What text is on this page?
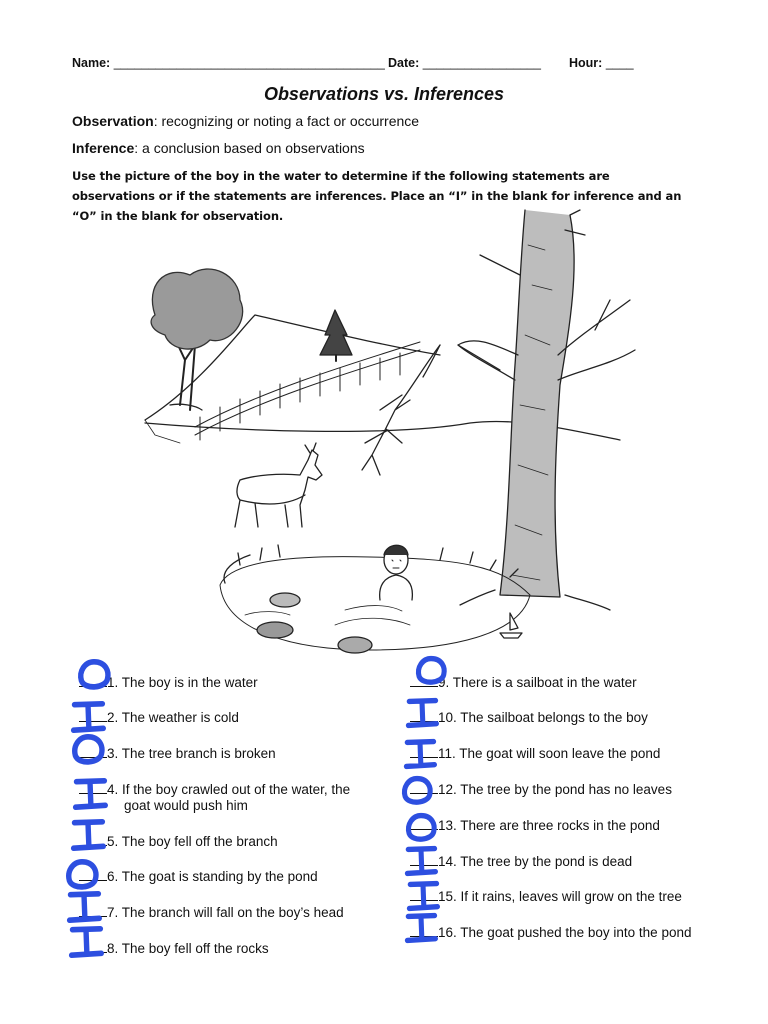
Name: _______________________________________ Date: _________________ Hour: ____
Observations vs. Inferences
Observation: recognizing or noting a fact or occurrence
Inference: a conclusion based on observations
Use the picture of the boy in the water to determine if the following statements are observations or if the statements are inferences. Place an “I” in the blank for inference and an “O” in the blank for observation.
1. The boy is in the water
2. The weather is cold
3. The tree branch is broken
4. If the boy crawled out of the water, the
goat would push him
5. The boy fell off the branch
6. The goat is standing by the pond
7. The branch will fall on the boy’s head
8. The boy fell off the rocks
9. There is a sailboat in the water
10. The sailboat belongs to the boy
11. The goat will soon leave the pond
12. The tree by the pond has no leaves
13. There are three rocks in the pond
14. The tree by the pond is dead
15. If it rains, leaves will grow on the tree
16. The goat pushed the boy into the pond
